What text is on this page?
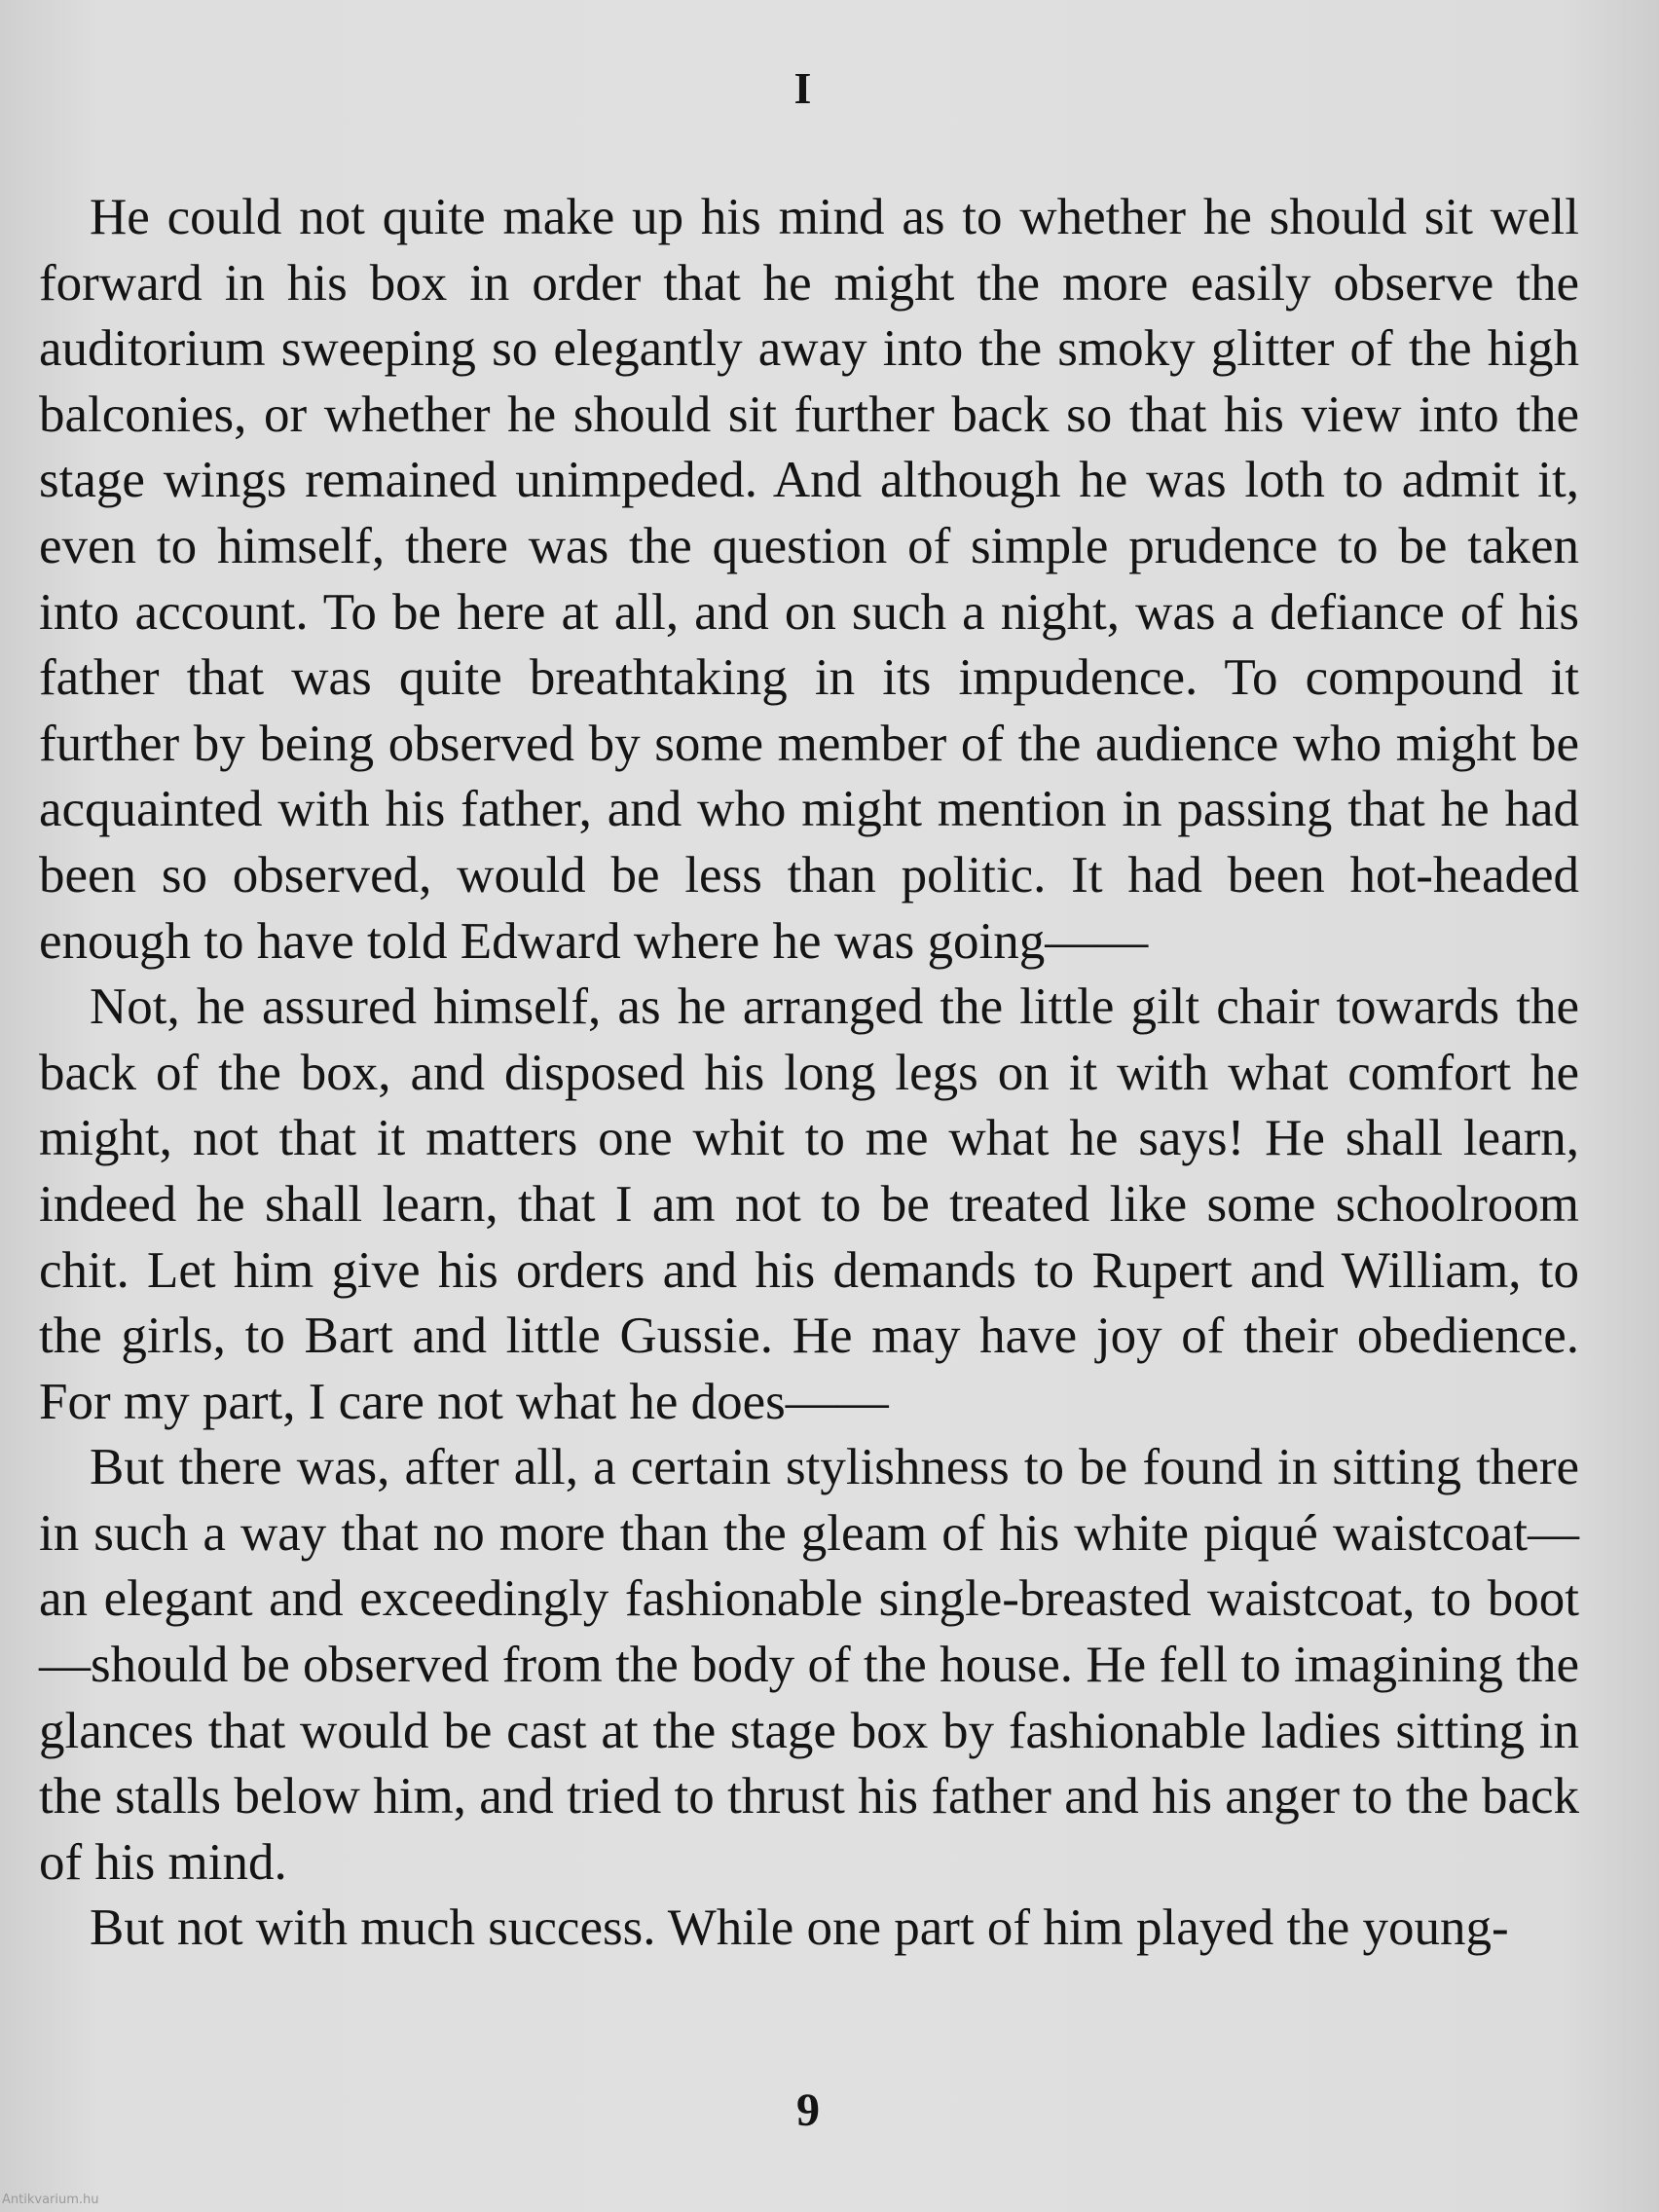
I

He could not quite make up his mind as to whether he should sit well forward in his box in order that he might the more easily observe the auditorium sweeping so elegantly away into the smoky glitter of the high balconies, or whether he should sit further back so that his view into the stage wings remained unimpeded. And although he was loth to admit it, even to himself, there was the question of simple prudence to be taken into account. To be here at all, and on such a night, was a defiance of his father that was quite breathtaking in its impudence. To compound it further by being observed by some member of the audience who might be acquainted with his father, and who might mention in passing that he had been so observed, would be less than politic. It had been hot-headed enough to have told Edward where he was going——

Not, he assured himself, as he arranged the little gilt chair towards the back of the box, and disposed his long legs on it with what comfort he might, not that it matters one whit to me what he says! He shall learn, indeed he shall learn, that I am not to be treated like some schoolroom chit. Let him give his orders and his demands to Rupert and William, to the girls, to Bart and little Gussie. He may have joy of their obedience. For my part, I care not what he does——

But there was, after all, a certain stylishness to be found in sitting there in such a way that no more than the gleam of his white piqué waistcoat—an elegant and exceedingly fashionable single-breasted waistcoat, to boot—should be observed from the body of the house. He fell to imagining the glances that would be cast at the stage box by fashionable ladies sitting in the stalls below him, and tried to thrust his father and his anger to the back of his mind.

But not with much success. While one part of him played the young-

9
Antikvarium.hu
